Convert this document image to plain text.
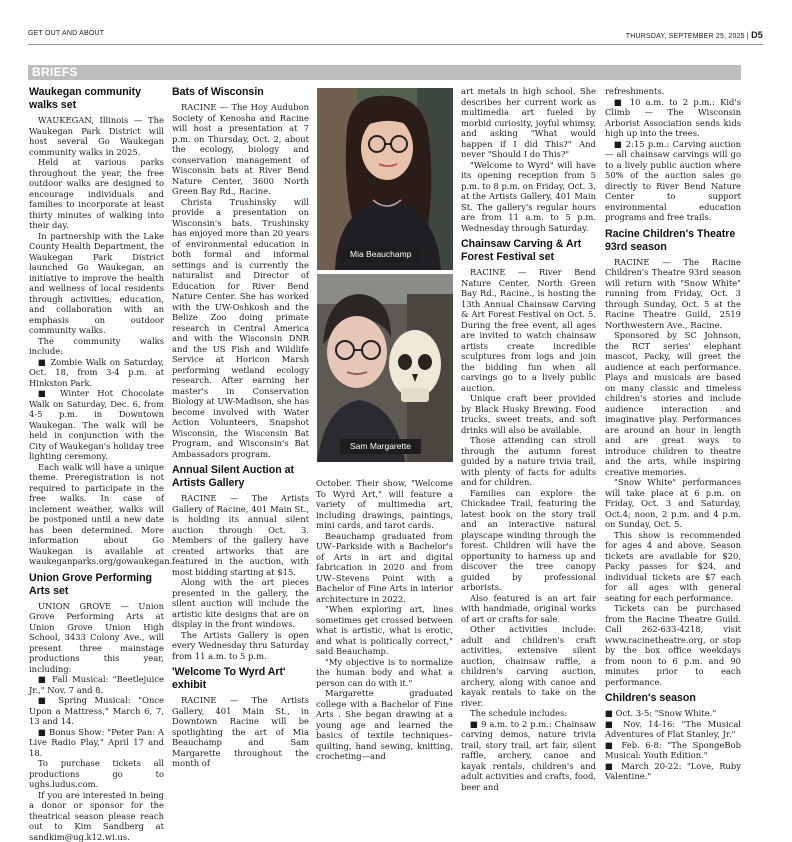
GET OUT AND ABOUT	THURSDAY, SEPTEMBER 25, 2025 | D5
BRIEFS
Waukegan community walks set

WAUKEGAN, Illinois — The Waukegan Park District will host several Go Waukegan community walks in 2025.

Held at various parks throughout the year, the free outdoor walks are designed to encourage individuals and families to incorporate at least thirty minutes of walking into their day.

In partnership with the Lake County Health Department, the Waukegan Park District launched Go Waukegan, an initiative to improve the health and wellness of local residents through activities, education, and collaboration with an emphasis on outdoor community walks.

The community walks include:

■ Zombie Walk on Saturday, Oct. 18, from 3-4 p.m. at Hinkston Park.

■ Winter Hot Chocolate Walk on Saturday, Dec. 6, from 4-5 p.m. in Downtown Waukegan. The walk will be held in conjunction with the City of Waukegan's holiday tree lighting ceremony.

Each walk will have a unique theme. Preregistration is not required to participate in the free walks. In case of inclement weather, walks will be postponed until a new date has been determined. More information about Go Waukegan is available at waukeganparks.org/gowaukegan.

Union Grove Performing Arts set

UNION GROVE — Union Grove Performing Arts at Union Grove Union High School, 3433 Colony Ave., will present three mainstage productions this year, including:

■ Fall Musical: "Beetlejuice Jr.," Nov. 7 and 8.

■ Spring Musical: "Once Upon a Mattress," March 6, 7, 13 and 14.

■ Bonus Show: "Peter Pan: A Live Radio Play," April 17 and 18.

To purchase tickets all productions go to ughs.ludus.com.

If you are interested in being a donor or sponsor for the theatrical season please reach out to Kim Sandberg at sandkim@ug.k12.wi.us.

Bats of Wisconsin

RACINE — The Hoy Audubon Society of Kenosha and Racine will host a presentation at 7 p.m. on Thursday, Oct. 2, about the ecology, biology and conservation management of Wisconsin bats at River Bend Nature Center, 3600 North Green Bay Rd., Racine.

Christa Trushinsky will provide a presentation on Wisconsin's bats. Trushinsky has enjoyed more than 20 years of environmental education in both formal and informal settings and is currently the naturalist and Director of Education for River Bend Nature Center. She has worked with the UW-Oshkosh and the Belize Zoo doing primate research in Central America and with the Wisconsin DNR and the US Fish and Wildlife Service at Horicon Marsh performing wetland ecology research. After earning her master's in Conservation Biology at UW-Madison, she has become involved with Water Action Volunteers, Snapshot Wisconsin, the Wisconsin Bat Program, and Wisconsin's Bat Ambassadors program.

Annual Silent Auction at Artists Gallery

RACINE — The Artists Gallery of Racine, 401 Main St., is holding its annual silent auction through Oct. 3. Members of the gallery have created artworks that are featured in the auction, with most bidding starting at $15.

Along with the art pieces presented in the gallery, the silent auction will include the artistic kite designs that are on display in the front windows.

The Artists Gallery is open every Wednesday thru Saturday from 11 a.m. to 5 p.m.

'Welcome To Wyrd Art' exhibit

RACINE — The Artists Gallery, 401 Main St., in Downtown Racine will be spotlighting the art of Mia Beauchamp and Sam Margarette throughout the month of

Mia Beauchamp
Sam Margarette

October. Their show, "Welcome To Wyrd Art," will feature a variety of multimedia art, including drawings, paintings, mini cards, and tarot cards.

Beauchamp graduated from UW–Parkside with a Bachelor's of Arts in art and digital fabrication in 2020 and from UW–Stevens Point with a Bachelor of Fine Arts in interior architecture in 2022.

"When exploring art, lines sometimes get crossed between what is artistic, what is erotic, and what is politically correct," said Beauchamp.

"My objective is to normalize the human body and what a person can do with it."

Margarette graduated college with a Bachelor of Fine Arts . She began drawing at a young age and learned the basics of textile techniques–quilting, hand sewing, knitting, crocheting—and

art metals in high school. She describes her current work as multimedia art fueled by morbid curiosity, joyful whimsy, and asking "What would happen if I did This?" And never "Should I do This?"

"Welcome to Wyrd" will have its opening reception from 5 p.m. to 8 p.m. on Friday, Oct. 3, at the Artists Gallery, 401 Main St. The gallery's regular hours are from 11 a.m. to 5 p.m. Wednesday through Saturday.

Chainsaw Carving & Art Forest Festival set

RACINE — River Bend Nature Center, North Green Bay Rd., Racine., is hosting the 13th Annual Chainsaw Carving & Art Forest Festival on Oct. 5. During the free event, all ages are invited to watch chainsaw artists create incredible sculptures from logs and join the bidding fun when all carvings go to a lively public auction.

Unique craft beer provided by Black Husky Brewing. Food trucks, sweet treats, and soft drinks will also be available.

Those attending can stroll through the autumn forest guided by a nature trivia trail, with plenty of facts for adults and for children.

Families can explore the Chickadee Trail, featuring the latest book on the story trail and an interactive natural playscape winding through the forest. Children will have the opportunity to harness up and discover the tree canopy guided by professional arborists.

Also featured is an art fair with handmade, original works of art or crafts for sale.

Other activities include: adult and children's craft activities, extensive silent auction, chainsaw raffle, a children's carving auction, archery, along with canoe and kayak rentals to take on the river.

The schedule includes:

■ 9 a.m. to 2 p.m.: Chainsaw carving demos, nature trivia trail, story trail, art fair, silent raffle, archery, canoe and kayak rentals, children's and adult activities and crafts, food, beer and

refreshments.

■ 10 a.m. to 2 p.m.: Kid's Climb — The Wisconsin Arborist Association sends kids high up into the trees.

■ 2:15 p.m.: Carving auction — all chainsaw carvings will go to a lively public auction where 50% of the auction sales go directly to River Bend Nature Center to support environmental education programs and free trails.

Racine Children's Theatre 93rd season

RACINE — The Racine Children's Theatre 93rd season will return with "Snow White" running from Friday, Oct. 3 through Sunday, Oct. 5 at the Racine Theatre Guild, 2519 Northwestern Ave., Racine.

Sponsored by SC Johnson, the RCT series' elephant mascot, Packy, will greet the audience at each performance. Plays and musicals are based on many classic and timeless children's stories and include audience interaction and imaginative play. Performances are around an hour in length and are great ways to introduce children to theatre and the arts, while inspiring creative memories.

"Snow White" performances will take place at 6 p.m. on Friday, Oct. 3 and Saturday, Oct.4; noon, 2 p.m. and 4 p.m. on Sunday, Oct. 5.

This show is recommended for ages 4 and above. Season tickets are available for $20, Packy passes for $24, and individual tickets are $7 each for all ages with general seating for each performance.

Tickets can be purchased from the Racine Theatre Guild. Call 262-633-4218, visit www.racinetheatre.org, or stop by the box office weekdays from noon to 6 p.m. and 90 minutes prior to each performance.

Children's season

■ Oct. 3-5: "Snow White."

■ Nov. 14-16: "The Musical Adventures of Flat Stanley, Jr."

■ Feb. 6-8: "The SpongeBob Musical: Youth Edition."

■ March 20-22: "Love, Ruby Valentine."
